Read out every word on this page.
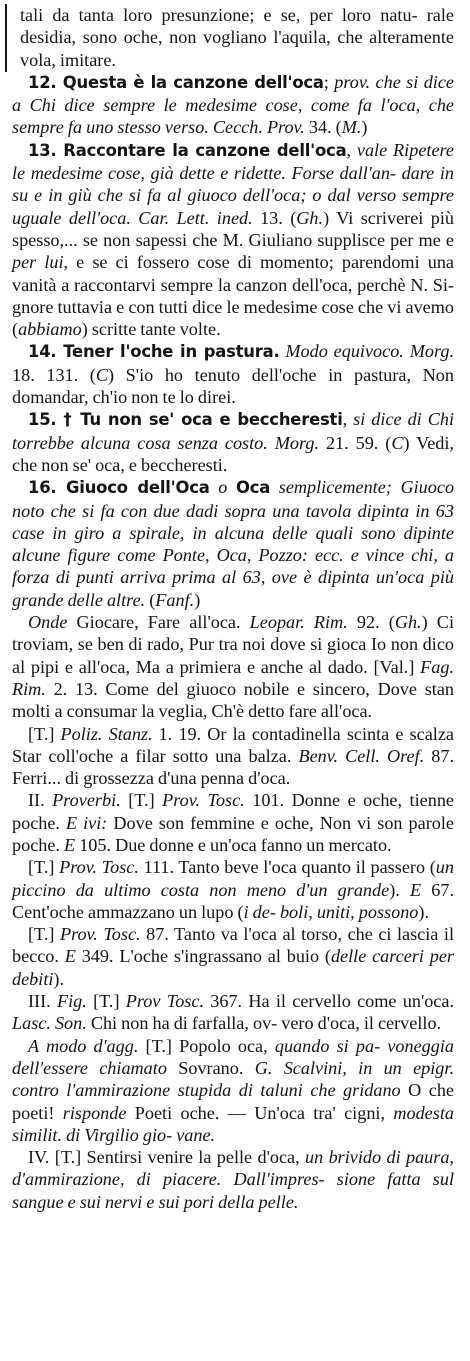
tali da tanta loro presunzione; e se, per loro natu- rale desidia, sono oche, non vogliano l'aquila, che alteramente vola, imitare.

12. Questa è la canzone dell'oca; prov. che si dice a Chi dice sempre le medesime cose, come fa l'oca, che sempre fa uno stesso verso. Cecch. Prov. 34. (M.)

13. Raccontare la canzone dell'oca, vale Ripetere le medesime cose, già dette e ridette. Forse dall'an- dare in su e in giù che si fa al giuoco dell'oca; o dal verso sempre uguale dell'oca. Car. Lett. ined. 13. (Gh.) Vi scriverei più spesso,... se non sapessi che M. Giuliano supplisce per me e per lui, e se ci fossero cose di momento; parendomi una vanità a raccontarvi sempre la canzon dell'oca, perchè N. Si- gnore tuttavia e con tutti dice le medesime cose che vi avemo (abbiamo) scritte tante volte.

14. Tener l'oche in pastura. Modo equivoco. Morg. 18. 131. (C) S'io ho tenuto dell'oche in pastura, Non domandar, ch'io non te lo direi.

15. † Tu non se' oca e beccheresti, si dice di Chi torrebbe alcuna cosa senza costo. Morg. 21. 59. (C) Vedi, che non se' oca, e beccheresti.

16. Giuoco dell'Oca o Oca semplicemente; Giuoco noto che si fa con due dadi sopra una tavola dipinta in 63 case in giro a spirale, in alcuna delle quali sono dipinte alcune figure come Ponte, Oca, Pozzo: ecc. e vince chi, a forza di punti arriva prima al 63, ove è dipinta un'oca più grande delle altre. (Fanf.)

Onde Giocare, Fare all'oca. Leopar. Rim. 92. (Gh.) Ci troviam, se ben di rado, Pur tra noi dove si gioca Io non dico al pipi e all'oca, Ma a primiera e anche al dado. [Val.] Fag. Rim. 2. 13. Come del giuoco nobile e sincero, Dove stan molti a consumar la veglia, Ch'è detto fare all'oca.

[T.] Poliz. Stanz. 1. 19. Or la contadinella scinta e scalza Star coll'oche a filar sotto una balza. Benv. Cell. Oref. 87. Ferri... di grossezza d'una penna d'oca.

II. Proverbi. [T.] Prov. Tosc. 101. Donne e oche, tienne poche. E ivi: Dove son femmine e oche, Non vi son parole poche. E 105. Due donne e un'oca fanno un mercato.

[T.] Prov. Tosc. 111. Tanto beve l'oca quanto il passero (un piccino da ultimo costa non meno d'un grande). E 67. Cent'oche ammazzano un lupo (i de- boli, uniti, possono).

[T.] Prov. Tosc. 87. Tanto va l'oca al torso, che ci lascia il becco. E 349. L'oche s'ingrassano al buio (delle carceri per debiti).

III. Fig. [T.] Prov Tosc. 367. Ha il cervello come un'oca. Lasc. Son. Chi non ha di farfalla, ov- vero d'oca, il cervello.

A modo d'agg. [T.] Popolo oca, quando si pa- voneggia dell'essere chiamato Sovrano. G. Scalvini, in un epigr. contro l'ammirazione stupida di taluni che gridano O che poeti! risponde Poeti oche. — Un'oca tra' cigni, modesta similit. di Virgilio gio- vane.

IV. [T.] Sentirsi venire la pelle d'oca, un brivido di paura, d'ammirazione, di piacere. Dall'impres- sione fatta sul sangue e sui nervi e sui pori della pelle.
